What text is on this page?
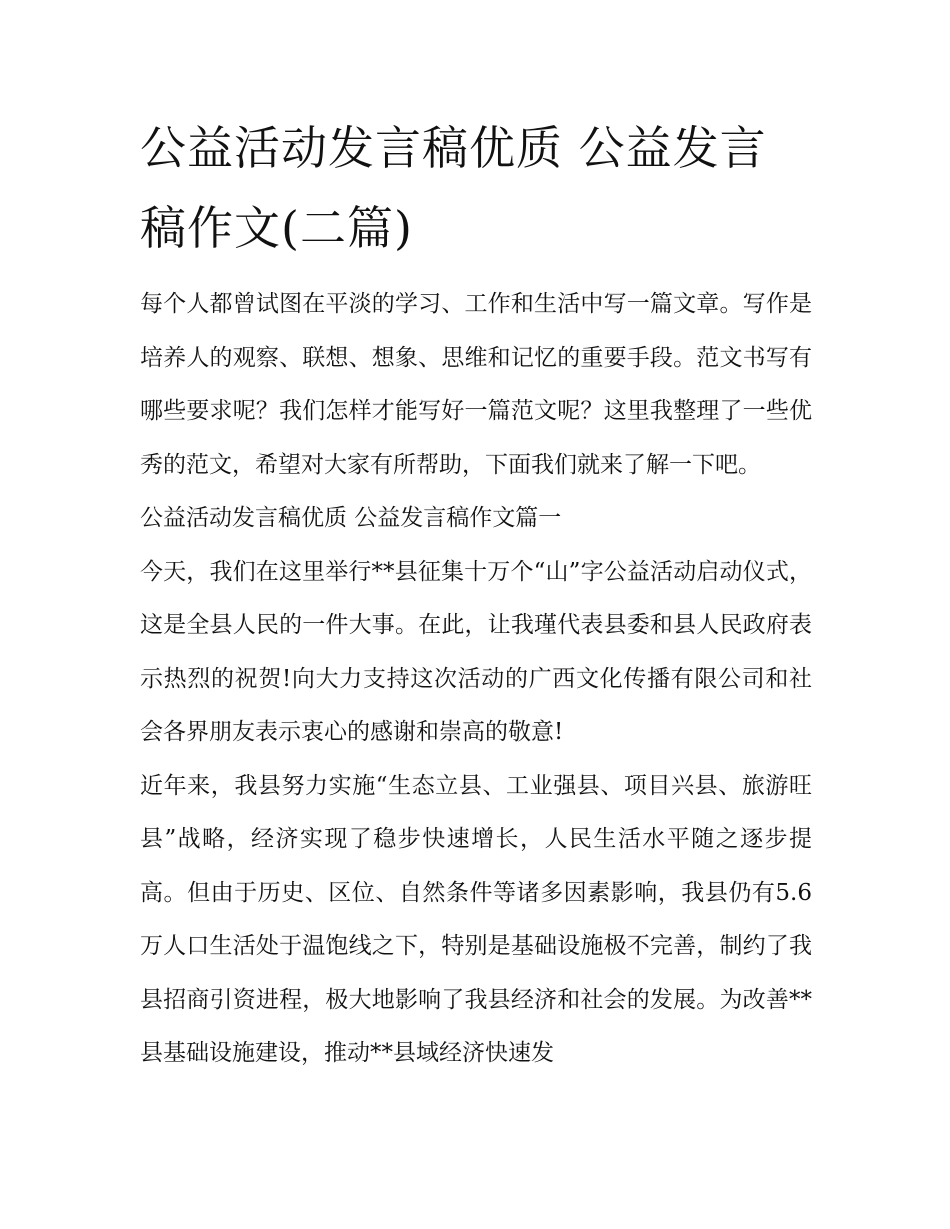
公益活动发言稿优质 公益发言稿作文(二篇)

每个人都曾试图在平淡的学习、工作和生活中写一篇文章。写作是培养人的观察、联想、想象、思维和记忆的重要手段。范文书写有哪些要求呢？我们怎样才能写好一篇范文呢？这里我整理了一些优秀的范文，希望对大家有所帮助，下面我们就来了解一下吧。

公益活动发言稿优质 公益发言稿作文篇一

今天，我们在这里举行**县征集十万个“山”字公益活动启动仪式，这是全县人民的一件大事。在此，让我瑾代表县委和县人民政府表示热烈的祝贺!向大力支持这次活动的广西文化传播有限公司和社会各界朋友表示衷心的感谢和崇高的敬意!

近年来，我县努力实施“生态立县、工业强县、项目兴县、旅游旺县”战略，经济实现了稳步快速增长，人民生活水平随之逐步提高。但由于历史、区位、自然条件等诸多因素影响，我县仍有5.6万人口生活处于温饱线之下，特别是基础设施极不完善，制约了我县招商引资进程，极大地影响了我县经济和社会的发展。为改善**县基础设施建设，推动**县域经济快速发
